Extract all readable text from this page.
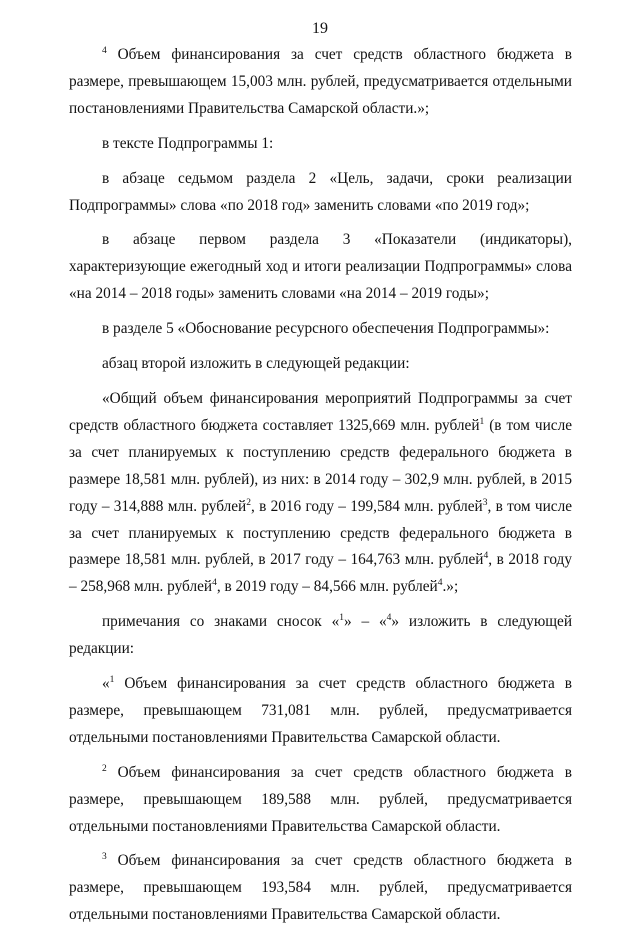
19

$^4$ Объем финансирования за счет средств областного бюджета в размере, превышающем 15,003 млн. рублей, предусматривается отдельными постановлениями Правительства Самарской области.»;

в тексте Подпрограммы 1:

в абзаце седьмом раздела 2 «Цель, задачи, сроки реализации Подпрограммы» слова «по 2018 год» заменить словами «по 2019 год»;

в абзаце первом раздела 3 «Показатели (индикаторы), характеризующие ежегодный ход и итоги реализации Подпрограммы» слова «на 2014 – 2018 годы» заменить словами «на 2014 – 2019 годы»;

в разделе 5 «Обоснование ресурсного обеспечения Подпрограммы»:

абзац второй изложить в следующей редакции:

«Общий объем финансирования мероприятий Подпрограммы за счет средств областного бюджета составляет 1325,669 млн. рублей$^1$ (в том числе за счет планируемых к поступлению средств федерального бюджета в размере 18,581 млн. рублей), из них: в 2014 году – 302,9 млн. рублей, в 2015 году – 314,888 млн. рублей$^2$, в 2016 году – 199,584 млн. рублей$^3$, в том числе за счет планируемых к поступлению средств федерального бюджета в размере 18,581 млн. рублей, в 2017 году – 164,763 млн. рублей$^4$, в 2018 году – 258,968 млн. рублей$^4$, в 2019 году – 84,566 млн. рублей$^4$.»;

примечания со знаками сносок «$^1$» – «$^4$» изложить в следующей редакции:

«$^1$ Объем финансирования за счет средств областного бюджета в размере, превышающем 731,081 млн. рублей, предусматривается отдельными постановлениями Правительства Самарской области.

$^2$ Объем финансирования за счет средств областного бюджета в размере, превышающем 189,588 млн. рублей, предусматривается отдельными постановлениями Правительства Самарской области.

$^3$ Объем финансирования за счет средств областного бюджета в размере, превышающем 193,584 млн. рублей, предусматривается отдельными постановлениями Правительства Самарской области.
